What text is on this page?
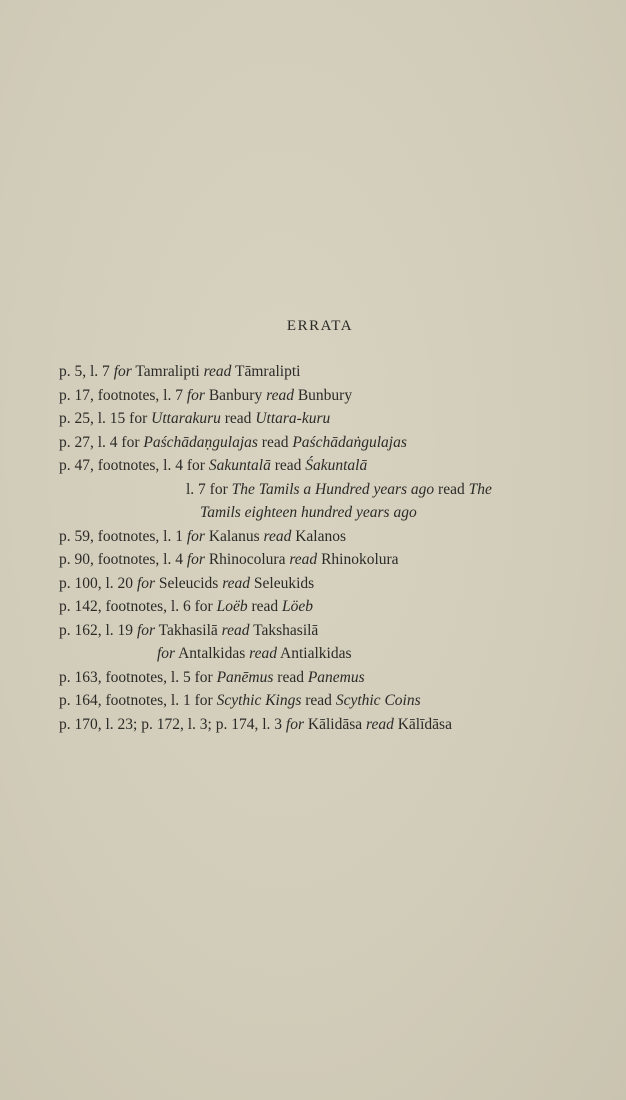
ERRATA
p. 5, l. 7 for Tamralipti read Tāmralipti
p. 17, footnotes, l. 7 for Banbury read Bunbury
p. 25, l. 15 for Uttarakuru read Uttara-kuru
p. 27, l. 4 for Paśchādaṇgulajas read Paśchādaṅgulajas
p. 47, footnotes, l. 4 for Sakuntalā read Śakuntalā
l. 7 for The Tamils a Hundred years ago read The
Tamils eighteen hundred years ago
p. 59, footnotes, l. 1 for Kalanus read Kalanos
p. 90, footnotes, l. 4 for Rhinocolura read Rhinokolura
p. 100, l. 20 for Seleucids read Seleukids
p. 142, footnotes, l. 6 for Loëb read Löeb
p. 162, l. 19 for Takhasilā read Takshasilā
for Antalkidas read Antialkidas
p. 163, footnotes, l. 5 for Panēmus read Panemus
p. 164, footnotes, l. 1 for Scythic Kings read Scythic Coins
p. 170, l. 23; p. 172, l. 3; p. 174, l. 3 for Kālidāsa read Kālīdāsa
